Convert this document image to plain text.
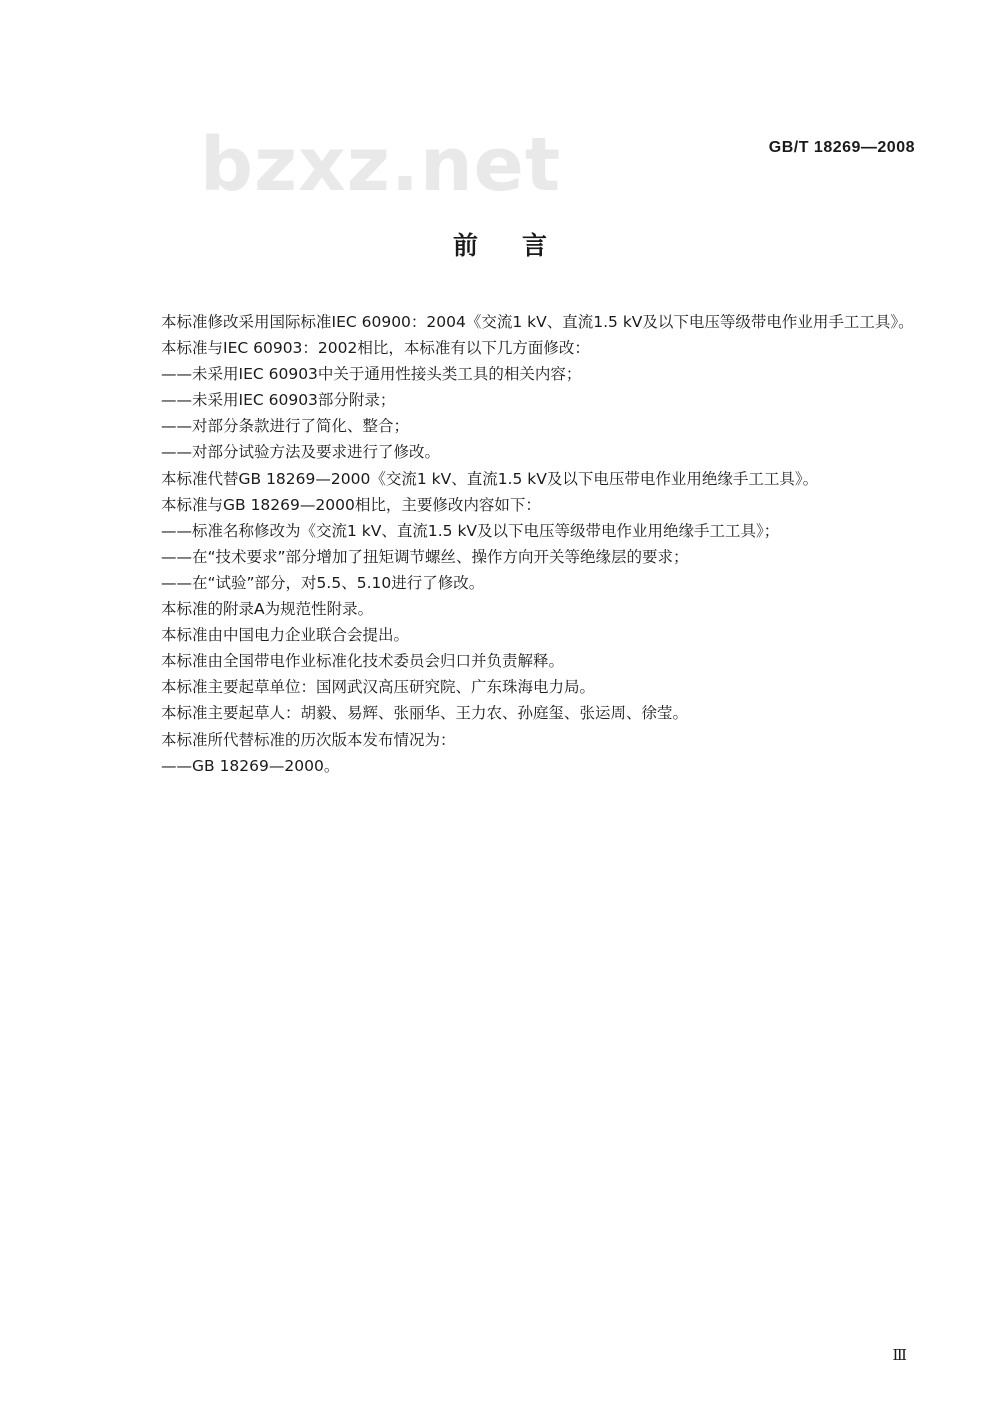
bzxz.net	GB/T 18269—2008
前言

本标准修改采用国际标准IEC 60900：2004《交流1 kV、直流1.5 kV及以下电压等级带电作业用手工工具》。

本标准与IEC 60903：2002相比，本标准有以下几方面修改：

——未采用IEC 60903中关于通用性接头类工具的相关内容；

——未采用IEC 60903部分附录；

——对部分条款进行了简化、整合；

——对部分试验方法及要求进行了修改。

本标准代替GB 18269—2000《交流1 kV、直流1.5 kV及以下电压带电作业用绝缘手工工具》。

本标准与GB 18269—2000相比，主要修改内容如下：

——标准名称修改为《交流1 kV、直流1.5 kV及以下电压等级带电作业用绝缘手工工具》；

——在“技术要求”部分增加了扭矩调节螺丝、操作方向开关等绝缘层的要求；

——在“试验”部分，对5.5、5.10进行了修改。

本标准的附录A为规范性附录。

本标准由中国电力企业联合会提出。

本标准由全国带电作业标准化技术委员会归口并负责解释。

本标准主要起草单位：国网武汉高压研究院、广东珠海电力局。

本标准主要起草人：胡毅、易辉、张丽华、王力农、孙庭玺、张运周、徐莹。

本标准所代替标准的历次版本发布情况为：

——GB 18269—2000。

Ⅲ
